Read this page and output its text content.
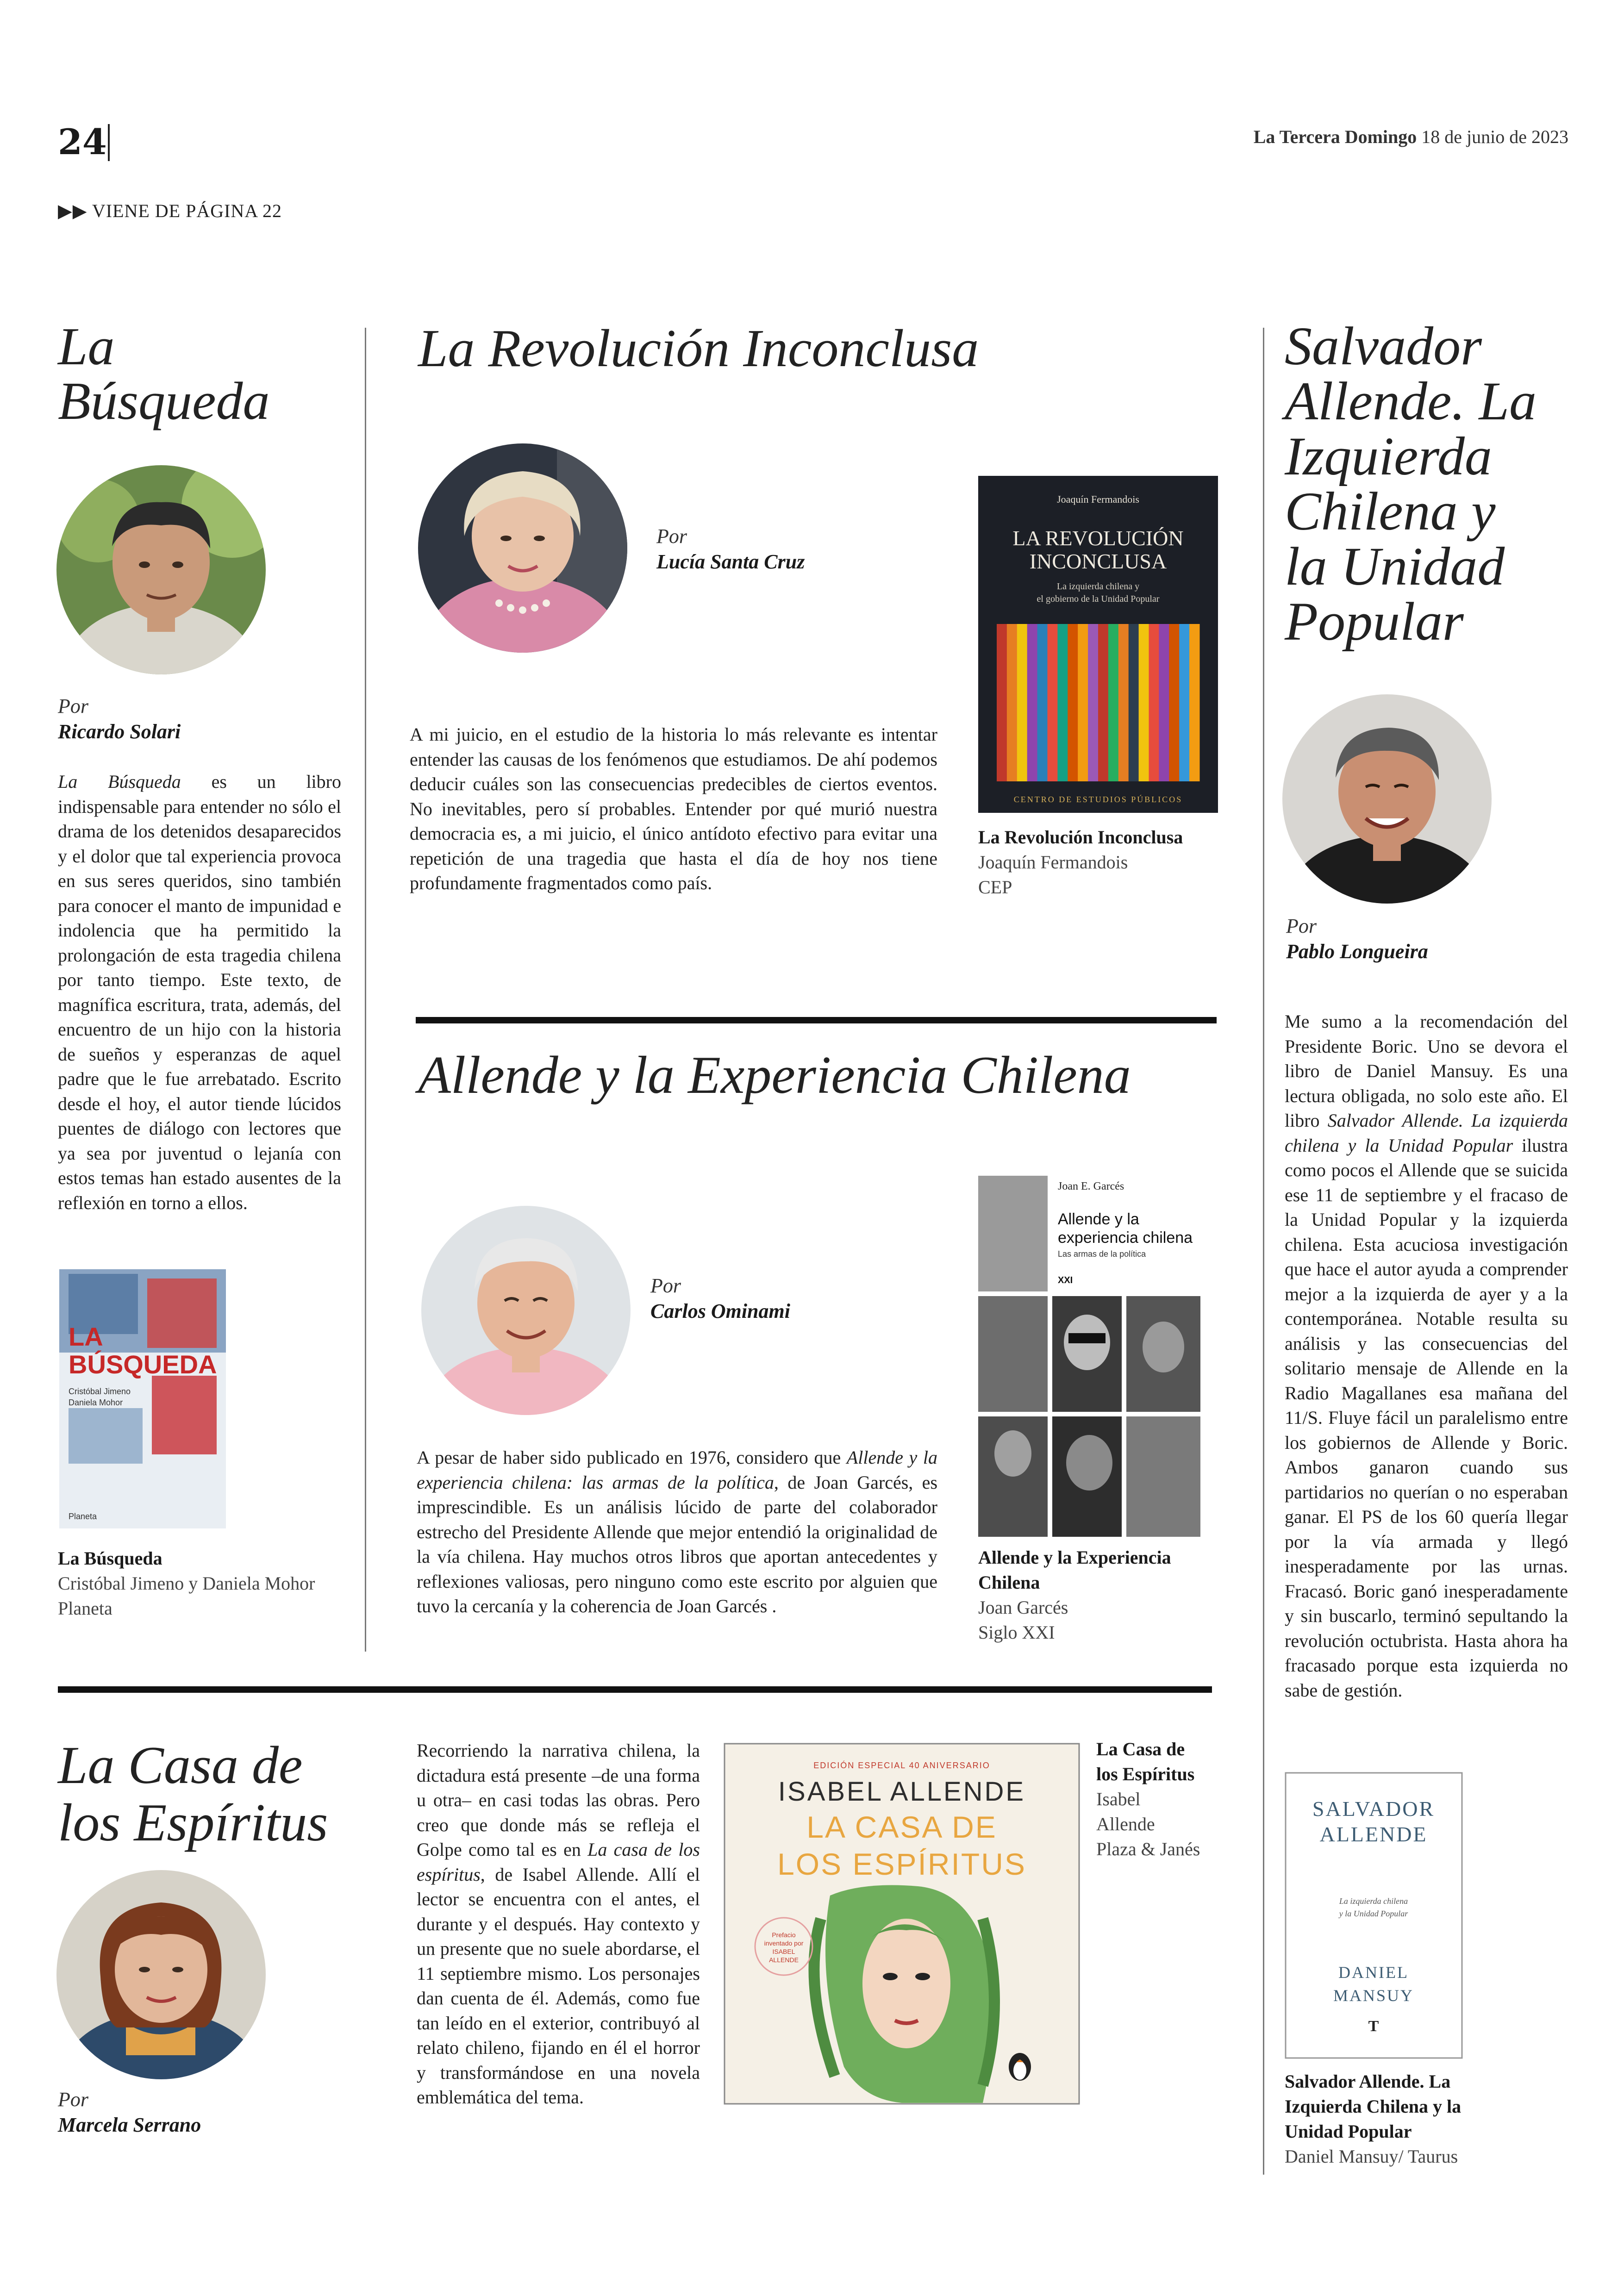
24	La Tercera Domingo 18 de junio de 2023
▶▶ VIENE DE PÁGINA 22
La
Búsqueda
Por
Ricardo Solari

La Búsqueda es un libro indispensable para entender no sólo el drama de los detenidos desaparecidos y el dolor que tal experiencia provoca en sus seres queridos, sino también para conocer el manto de impunidad e indolencia que ha permitido la prolongación de esta tragedia chilena por tanto tiempo. Este texto, de magnífica escritura, trata, además, del encuentro de un hijo con la historia de sueños y esperanzas de aquel padre que le fue arrebatado. Escrito desde el hoy, el autor tiende lúcidos puentes de diálogo con lectores que ya sea por juventud o lejanía con estos temas han estado ausentes de la reflexión en torno a ellos.

LA
BÚSQUEDA
Cristóbal Jimeno
Daniela Mohor
Planeta
La Búsqueda
Cristóbal Jimeno y Daniela Mohor
Planeta
La Revolución Inconclusa
Por
Lucía Santa Cruz

A mi juicio, en el estudio de la historia lo más relevante es intentar entender las causas de los fenómenos que estudiamos. De ahí podemos deducir cuáles son las consecuencias predecibles de ciertos eventos. No inevitables, pero sí probables. Entender por qué murió nuestra democracia es, a mi juicio, el único antídoto efectivo para evitar una repetición de una tragedia que hasta el día de hoy nos tiene profundamente fragmentados como país.

Joaquín Fermandois
LA REVOLUCIÓN
INCONCLUSA
La izquierda chilena y
el gobierno de la Unidad Popular
CENTRO DE ESTUDIOS PÚBLICOS
La Revolución Inconclusa
Joaquín Fermandois
CEP
Allende y la Experiencia Chilena
Por
Carlos Ominami

A pesar de haber sido publicado en 1976, considero que Allende y la experiencia chilena: las armas de la política, de Joan Garcés, es imprescindible. Es un análisis lúcido de parte del colaborador estrecho del Presidente Allende que mejor entendió la originalidad de la vía chilena. Hay muchos otros libros que aportan antecedentes y reflexiones valiosas, pero ninguno como este escrito por alguien que tuvo la cercanía y la coherencia de Joan Garcés .

Joan E. Garcés
Allende y la
experiencia chilena
Las armas de la política
XXI
Allende y la Experiencia Chilena
Joan Garcés
Siglo XXI
Salvador
Allende. La
Izquierda
Chilena y
la Unidad
Popular
Por
Pablo Longueira

Me sumo a la recomendación del Presidente Boric. Uno se devora el libro de Daniel Mansuy. Es una lectura obligada, no solo este año. El libro Salvador Allende. La izquierda chilena y la Unidad Popular ilustra como pocos el Allende que se suicida ese 11 de septiembre y el fracaso de la Unidad Popular y la izquierda chilena. Esta acuciosa investigación que hace el autor ayuda a comprender mejor a la izquierda de ayer y a la contemporánea. Notable resulta su análisis y las consecuencias del solitario mensaje de Allende en la Radio Magallanes esa mañana del 11/S. Fluye fácil un paralelismo entre los gobiernos de Allende y Boric. Ambos ganaron cuando sus partidarios no querían o no esperaban ganar. El PS de los 60 quería llegar por la vía armada y llegó inesperadamente por las urnas. Fracasó. Boric ganó inesperadamente y sin buscarlo, terminó sepultando la revolución octubrista. Hasta ahora ha fracasado porque esta izquierda no sabe de gestión.

SALVADOR
ALLENDE
La izquierda chilena
y la Unidad Popular
DANIEL
MANSUY
T
Salvador Allende. La
Izquierda Chilena y la
Unidad Popular
Daniel Mansuy/ Taurus
La Casa de
los Espíritus
Por
Marcela Serrano

Recorriendo la narrativa chilena, la dictadura está presente –de una forma u otra– en casi todas las obras. Pero creo que donde más se refleja el Golpe como tal es en La casa de los espíritus, de Isabel Allende. Allí el lector se encuentra con el antes, el durante y el después. Hay contexto y un presente que no suele abordarse, el 11 septiembre mismo. Los personajes dan cuenta de él. Además, como fue tan leído en el exterior, contribuyó al relato chileno, fijando en él el horror y transformándose en una novela emblemática del tema.

EDICIÓN ESPECIAL 40 ANIVERSARIO
ISABEL ALLENDE
LA CASA DE
LOS ESPÍRITUS
Prefacio
inventado por
ISABEL
ALLENDE
La Casa de
los Espíritus
Isabel
Allende
Plaza & Janés
